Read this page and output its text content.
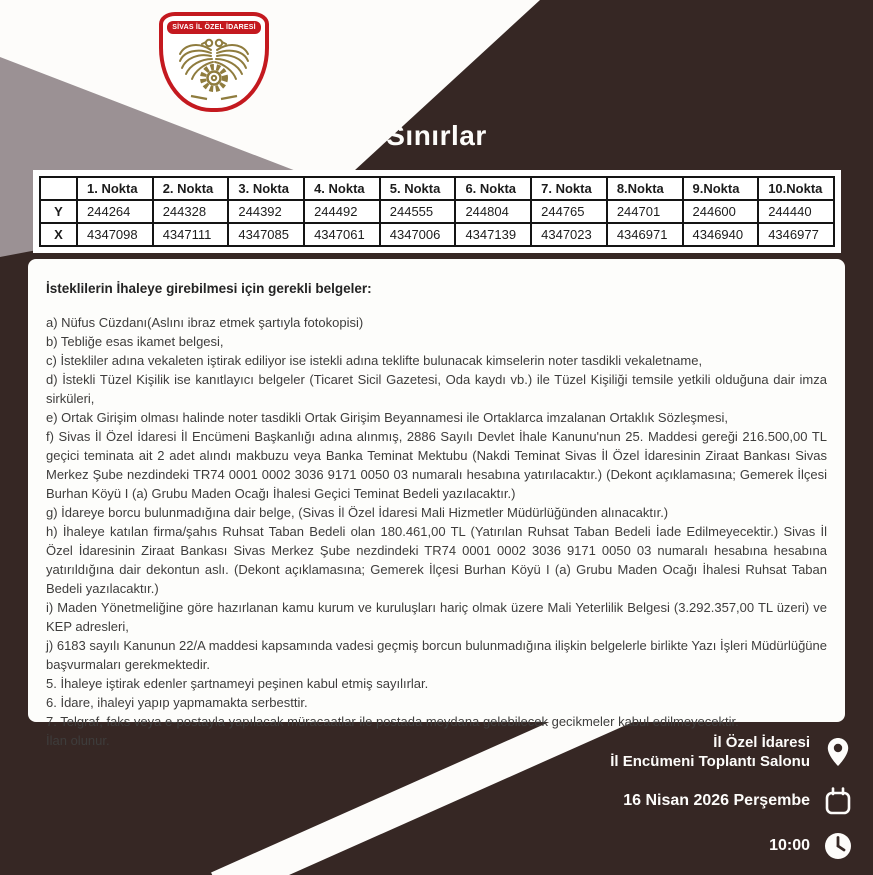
SİVAS İL ÖZEL İDARESİ
Sınırlar
	1. Nokta	2. Nokta	3. Nokta	4. Nokta	5. Nokta	6. Nokta	7. Nokta	8.Nokta	9.Nokta	10.Nokta
Y	244264	244328	244392	244492	244555	244804	244765	244701	244600	244440
X	4347098	4347111	4347085	4347061	4347006	4347139	4347023	4346971	4346940	4346977

İsteklilerin İhaleye girebilmesi için gerekli belgeler:

a) Nüfus Cüzdanı(Aslını ibraz etmek şartıyla fotokopisi)

b) Tebliğe esas ikamet belgesi,

c) İstekliler adına vekaleten iştirak ediliyor ise istekli adına teklifte bulunacak kimselerin noter tasdikli vekaletname,

d) İstekli Tüzel Kişilik ise kanıtlayıcı belgeler (Ticaret Sicil Gazetesi, Oda kaydı vb.) ile Tüzel Kişiliği temsile yetkili olduğuna dair imza sirküleri,

e) Ortak Girişim olması halinde noter tasdikli Ortak Girişim Beyannamesi ile Ortaklarca imzalanan Ortaklık Sözleşmesi,

f) Sivas İl Özel İdaresi İl Encümeni Başkanlığı adına alınmış, 2886 Sayılı Devlet İhale Kanunu'nun 25. Maddesi gereği 216.500,00 TL geçici teminata ait 2 adet alındı makbuzu veya Banka Teminat Mektubu (Nakdi Teminat Sivas İl Özel İdaresinin Ziraat Bankası Sivas Merkez Şube nezdindeki TR74 0001 0002 3036 9171 0050 03 numaralı hesabına yatırılacaktır.) (Dekont açıklamasına; Gemerek İlçesi Burhan Köyü I (a) Grubu Maden Ocağı İhalesi Geçici Teminat Bedeli yazılacaktır.)

g) İdareye borcu bulunmadığına dair belge, (Sivas İl Özel İdaresi Mali Hizmetler Müdürlüğünden alınacaktır.)

h) İhaleye katılan firma/şahıs Ruhsat Taban Bedeli olan 180.461,00 TL (Yatırılan Ruhsat Taban Bedeli İade Edilmeyecektir.) Sivas İl Özel İdaresinin Ziraat Bankası Sivas Merkez Şube nezdindeki TR74 0001 0002 3036 9171 0050 03 numaralı hesabına hesabına yatırıldığına dair dekontun aslı. (Dekont açıklamasına; Gemerek İlçesi Burhan Köyü I (a) Grubu Maden Ocağı İhalesi Ruhsat Taban Bedeli yazılacaktır.)

i) Maden Yönetmeliğine göre hazırlanan kamu kurum ve kuruluşları hariç olmak üzere Mali Yeterlilik Belgesi (3.292.357,00 TL üzeri) ve KEP adresleri,

j) 6183 sayılı Kanunun 22/A maddesi kapsamında vadesi geçmiş borcun bulunmadığına ilişkin belgelerle birlikte Yazı İşleri Müdürlüğüne başvurmaları gerekmektedir.

5. İhaleye iştirak edenler şartnameyi peşinen kabul etmiş sayılırlar.

6. İdare, ihaleyi yapıp yapmamakta serbesttir.

7. Telgraf, faks veya e-postayla yapılacak müracaatlar ile postada meydana gelebilecek gecikmeler kabul edilmeyecektir.

İlan olunur.	İl Özel İdaresi
İl Encümeni Toplantı Salonu
16 Nisan 2026 Perşembe
10:00
